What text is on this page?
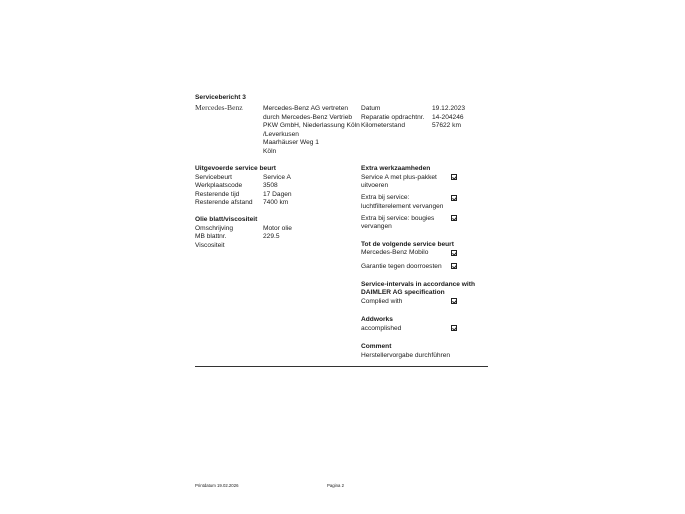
Servicebericht 3
Mercedes-Benz	Mercedes-Benz AG vertreten
durch Mercedes-Benz Vertrieb
PKW GmbH, Niederlassung Köln
/Leverkusen
Maarhäuser Weg 1
Köln
Datum
Reparatie opdrachtnr.
Kilometerstand
19.12.2023
14-204246
57622 km
Uitgevoerde service beurt
Servicebeurt
Werkplaatscode
Resterende tijd
Resterende afstand
Service A
3508
17 Dagen
7400 km
Olie blatt/viscositeit
Omschrijving
MB blattnr.
Viscositeit
Motor olie
229.5
Extra werkzaamheden
Service A met plus-pakket
uitvoeren
Extra bij service:
luchtfilterelement vervangen
Extra bij service: bougies
vervangen
Tot de volgende service beurt
Mercedes-Benz Mobilo
Garantie tegen doorroesten
Service-intervals in accordance with
DAIMLER AG specification
Complied with
Addworks
accomplished
Comment
Herstellervorgabe durchführen
Printdatum 19.02.2026	Pagina 2
